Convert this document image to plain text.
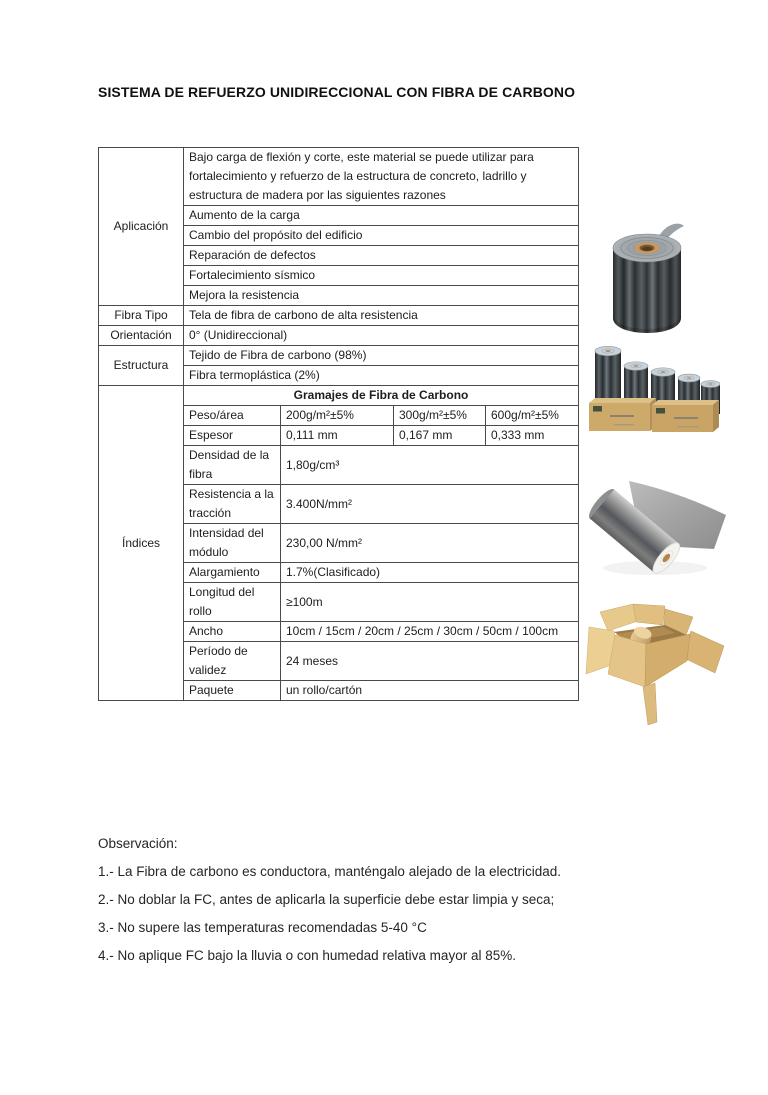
SISTEMA DE REFUERZO UNIDIRECCIONAL CON FIBRA DE CARBONO
Aplicación	Bajo carga de flexión y corte, este material se puede utilizar para fortalecimiento y refuerzo de la estructura de concreto, ladrillo y estructura de madera por las siguientes razones			
	Aumento de la carga			
	Cambio del propósito del edificio			
	Reparación de defectos			
	Fortalecimiento sísmico			
	Mejora la resistencia			
Fibra Tipo	Tela de fibra de carbono de alta resistencia			
Orientación	0° (Unidireccional)			
Estructura	Tejido de Fibra de carbono (98%)			
	Fibra termoplástica (2%)			
Índices	Gramajes de Fibra de Carbono			
	Peso/área	200g/m²±5%	300g/m²±5%	600g/m²±5%
	Espesor	0,111 mm	0,167 mm	0,333 mm
	Densidad de la fibra	1,80g/cm³		
	Resistencia a la tracción	3.400N/mm²		
	Intensidad del módulo	230,00 N/mm²		
	Alargamiento	1.7%(Clasificado)		
	Longitud del rollo	≥100m		
	Ancho	10cm / 15cm / 20cm / 25cm / 30cm / 50cm / 100cm		
	Período de validez	24 meses		
	Paquete	un rollo/cartón		

Observación:

1.- La Fibra de carbono es conductora, manténgalo alejado de la electricidad.

2.- No doblar la FC, antes de aplicarla la superficie debe estar limpia y seca;

3.- No supere las temperaturas recomendadas 5-40 °C

4.- No aplique FC bajo la lluvia o con humedad relativa mayor al 85%.
